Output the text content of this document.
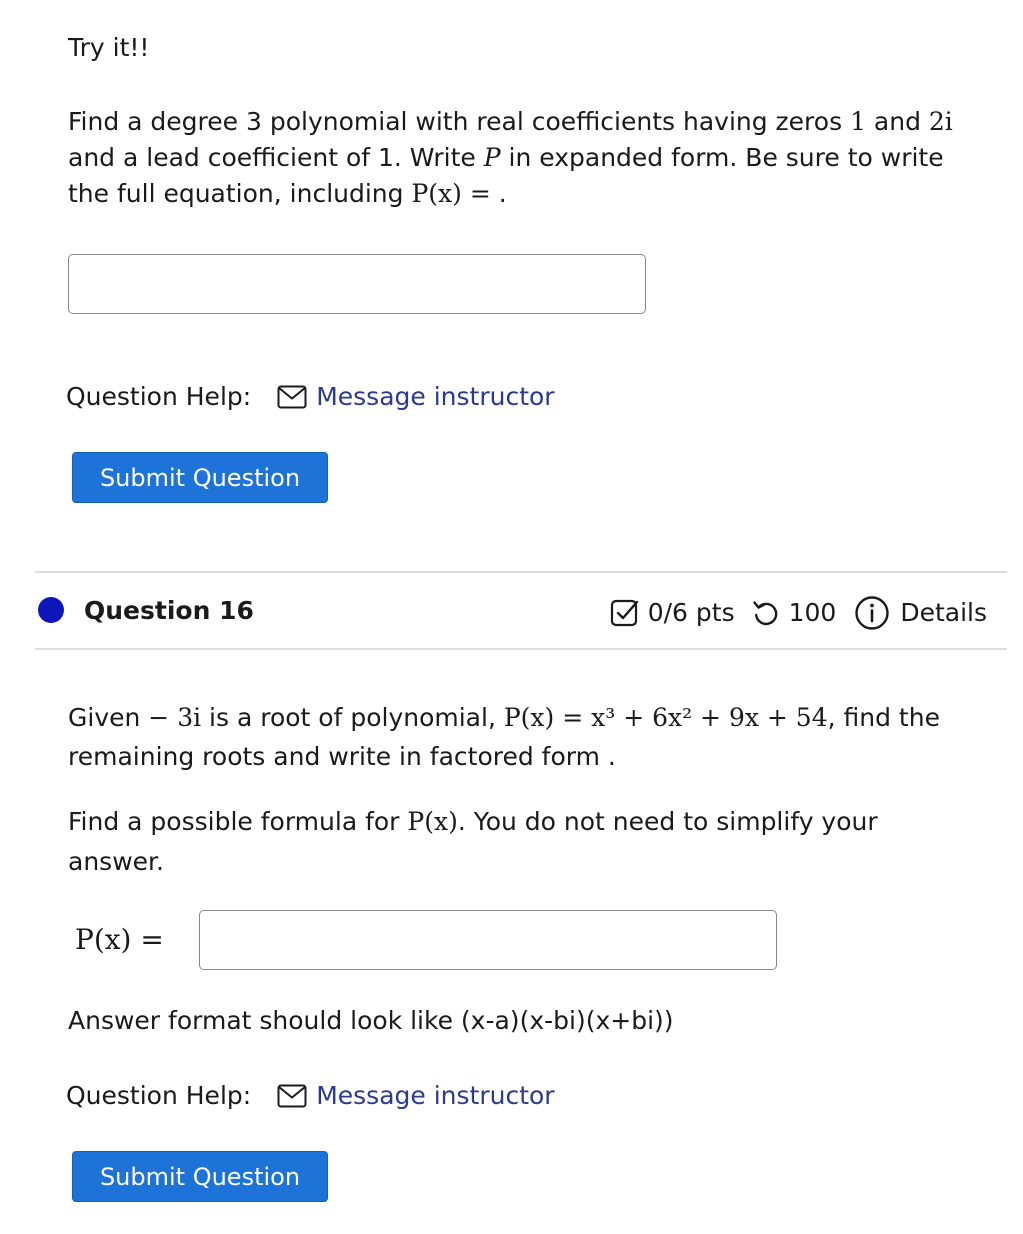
Try it!!
Find a degree 3 polynomial with real coefficients having zeros 1 and 2i and a lead coefficient of 1. Write P in expanded form. Be sure to write the full equation, including P(x) = .
Question Help:	Message instructor
Submit Question
Question 16	0/6 pts 100	Details
Given − 3i is a root of polynomial, P(x) = x³ + 6x² + 9x + 54, find the remaining roots and write in factored form .
Find a possible formula for P(x). You do not need to simplify your answer.
P(x) =
Answer format should look like (x-a)(x-bi)(x+bi))
Question Help:	Message instructor
Submit Question
